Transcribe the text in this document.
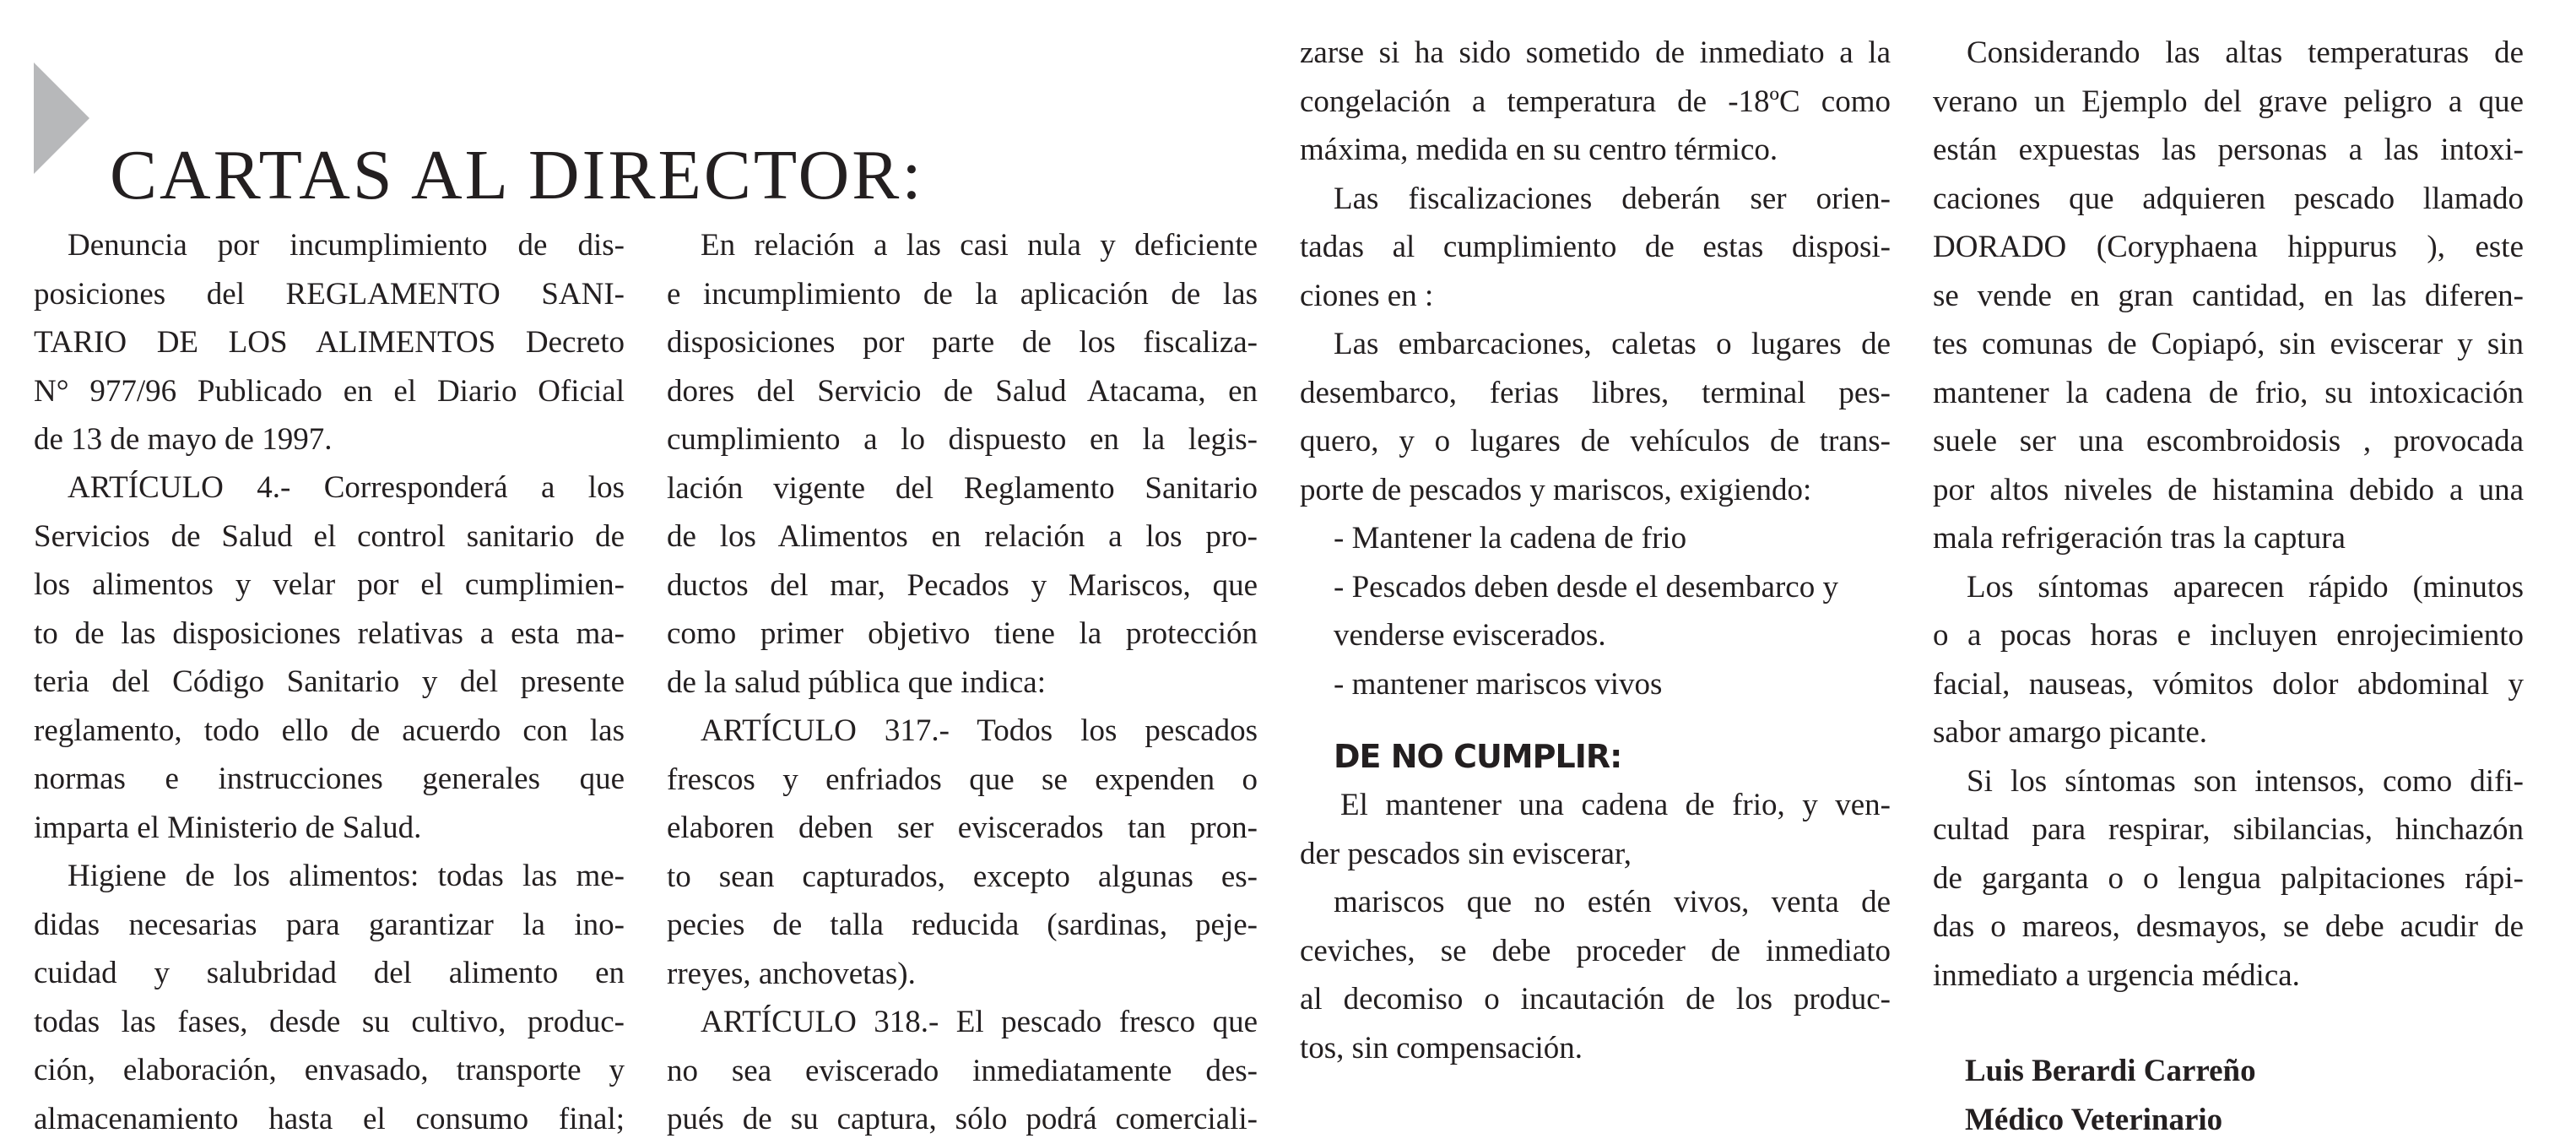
CARTAS AL DIRECTOR:

Denuncia por incumplimiento de dis-
posiciones del REGLAMENTO SANI-
TARIO DE LOS ALIMENTOS Decreto
N° 977/96 Publicado en el Diario Oficial
de 13 de mayo de 1997.

ARTÍCULO 4.- Corresponderá a los
Servicios de Salud el control sanitario de
los alimentos y velar por el cumplimien-
to de las disposiciones relativas a esta ma-
teria del Código Sanitario y del presente
reglamento, todo ello de acuerdo con las
normas e instrucciones generales que
imparta el Ministerio de Salud.

Higiene de los alimentos: todas las me-
didas necesarias para garantizar la ino-
cuidad y salubridad del alimento en
todas las fases, desde su cultivo, produc-
ción, elaboración, envasado, transporte y
almacenamiento hasta el consumo final;

En relación a las casi nula y deficiente
e incumplimiento de la aplicación de las
disposiciones por parte de los fiscaliza-
dores del Servicio de Salud Atacama, en
cumplimiento a lo dispuesto en la legis-
lación vigente del Reglamento Sanitario
de los Alimentos en relación a los pro-
ductos del mar, Pecados y Mariscos, que
como primer objetivo tiene la protección
de la salud pública que indica:

ARTÍCULO 317.- Todos los pescados
frescos y enfriados que se expenden o
elaboren deben ser eviscerados tan pron-
to sean capturados, excepto algunas es-
pecies de talla reducida (sardinas, peje-
rreyes, anchovetas).

ARTÍCULO 318.- El pescado fresco que
no sea eviscerado inmediatamente des-
pués de su captura, sólo podrá comerciali-

zarse si ha sido sometido de inmediato a la
congelación a temperatura de -18ºC como
máxima, medida en su centro térmico.

Las fiscalizaciones deberán ser orien-
tadas al cumplimiento de estas disposi-
ciones en :

Las embarcaciones, caletas o lugares de
desembarco, ferias libres, terminal pes-
quero, y o lugares de vehículos de trans-
porte de pescados y mariscos, exigiendo:

- Mantener la cadena de frio
- Pescados deben desde el desembarco y
venderse eviscerados.
- mantener mariscos vivos

DE NO CUMPLIR:

El mantener una cadena de frio, y ven-
der pescados sin eviscerar,

mariscos que no estén vivos, venta de
ceviches, se debe proceder de inmediato
al decomiso o incautación de los produc-
tos, sin compensación.

Considerando las altas temperaturas de
verano un Ejemplo del grave peligro a que
están expuestas las personas a las intoxi-
caciones que adquieren pescado llamado
DORADO (Coryphaena hippurus ), este
se vende en gran cantidad, en las diferen-
tes comunas de Copiapó, sin eviscerar y sin
mantener la cadena de frio, su intoxicación
suele ser una escombroidosis , provocada
por altos niveles de histamina debido a una
mala refrigeración tras la captura

Los síntomas aparecen rápido (minutos
o a pocas horas e incluyen enrojecimiento
facial, nauseas, vómitos dolor abdominal y
sabor amargo picante.

Si los síntomas son intensos, como difi-
cultad para respirar, sibilancias, hinchazón
de garganta o o lengua palpitaciones rápi-
das o mareos, desmayos, se debe acudir de
inmediato a urgencia médica.

Luis Berardi Carreño

Médico Veterinario
